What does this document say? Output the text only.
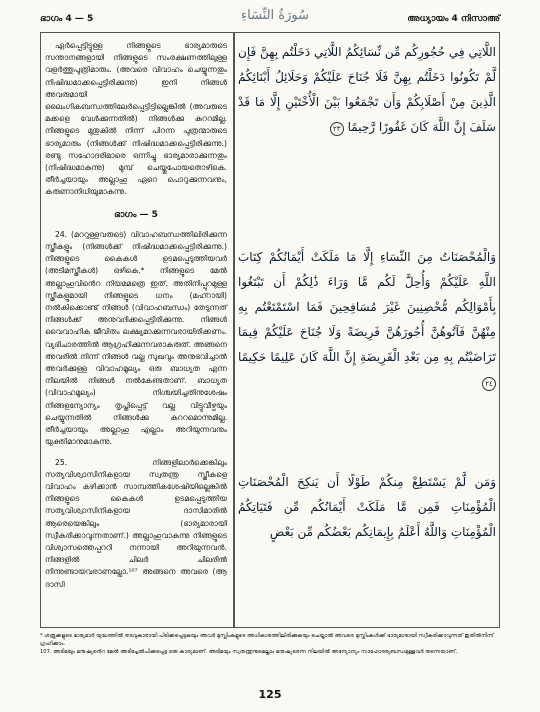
ഭാഗം 4 — 5	سُورَةُ النِّسَاءِ	അധ്യായം 4 നിസാഅ്

ഏർപ്പെട്ടിട്ടുള്ള നിങ്ങളുടെ ഭാര്യമാരുടെ സന്താനങ്ങളായി നിങ്ങളുടെ സംരക്ഷണത്തിലുള്ള വളർത്തുപുത്രിമാരും. (അവരെ വിവാഹം ചെയ്യുന്നതും നിഷിദ്ധമാക്കപ്പെട്ടിരിക്കുന്നു) ഇനി നിങ്ങൾ അവരുമായി ലൈംഗികബന്ധത്തിലേർപ്പെട്ടിട്ടില്ലെങ്കിൽ (അവരുടെ മക്കളെ വേൾക്കുന്നതിൽ) നിങ്ങൾക്കു കുററമില്ല. നിങ്ങളുടെ മുതുകിൽ നിന്ന് പിറന്ന പുത്രന്മാരുടെ ഭാര്യമാരും (നിങ്ങൾക്ക് നിഷിദ്ധമാക്കപ്പെട്ടിരിക്കുന്നു.) രണ്ടു സഹോദരിമാരെ ഒന്നിച്ചു ഭാര്യമാരാക്കുന്നതും (നിഷിദ്ധമാകുന്നു) മുമ്പ് ചെയ്തുപോയതൊഴികെ. തീർച്ചയായും അല്ലാഹു ഏറെ പൊറുക്കുന്നവനും, കരുണാനിധിയുമാകുന്നു.

ഭാഗം — 5

24. (മററുള്ളവരുടെ) വിവാഹബന്ധത്തിലിരിക്കുന്ന സ്ത്രീകളും (നിങ്ങൾക്ക് നിഷിദ്ധമാക്കപ്പെട്ടിരിക്കുന്നു.) നിങ്ങളുടെ കൈകൾ ഉടമപ്പെടുത്തിയവർ (അടിമസ്ത്രീകൾ) ഒഴികെ.* നിങ്ങളുടെ മേൽ അല്ലാഹുവിൻെറ നിയമമത്രെ ഇത്. അതിനിപ്പുറമുള്ള സ്ത്രീകളുമായി നിങ്ങളുടെ ധനം (മഹ്റായി) നൽകിക്കൊണ്ട് നിങ്ങൾ (വിവാഹബന്ധം) തേടുന്നത് നിങ്ങൾക്ക് അനുവദിക്കപ്പെട്ടിരിക്കുന്നു. നിങ്ങൾ വൈവാഹിക ജീവിതം ലക്ഷ്യമാക്കുന്നവരായിരിക്കണം. വ്യഭിചാരത്തിൽ ആഗ്രഹിക്കുന്നവരാകരുത്. അങ്ങനെ അവരിൽ നിന്ന് നിങ്ങൾ വല്ല സുഖവും അനുഭവിച്ചാൽ അവർക്കുള്ള വിവാഹമൂല്യം ഒരു ബാധ്യത എന്ന നിലയിൽ നിങ്ങൾ നൽകേണ്ടതാണ്. ബാധ്യത (വിവാഹമൂല്യം) നിശ്ചയിച്ചതിനുശേഷം നിങ്ങളന്യോന്യം തൃപ്തിപ്പെട്ട് വല്ല വിട്ടുവീഴ്ചയും ചെയ്യുന്നതിൽ നിങ്ങൾക്കു കുററമൊന്നുമില്ല. തീർച്ചയായും അല്ലാഹു എല്ലാം അറിയുന്നവനും യുക്തിമാനുമാകുന്നു.

25. നിങ്ങളിലാർക്കെങ്കിലും സത്യവിശ്വാസിനികളായ സ്വതന്ത്ര സ്ത്രീകളെ വിവാഹം കഴിക്കാൻ സാമ്പത്തികശേഷിയില്ലെങ്കിൽ നിങ്ങളുടെ കൈകൾ ഉടമപ്പെടുത്തിയ സത്യവിശ്വാസിനികളായ ദാസിമാരിൽ ആരെയെങ്കിലും (ഭാര്യമാരായി സ്വീകരിക്കാവുന്നതാണ്.) അല്ലാഹുവാകുന്നു നിങ്ങളുടെ വിശ്വാസത്തെപ്പററി നന്നായി അറിയുന്നവൻ. നിങ്ങളിൽ ചിലർ ചിലരിൽ നിന്നുണ്ടായവരാണല്ലോ.¹⁰⁷ അങ്ങനെ അവരെ (ആ ദാസി

اللَّاتِي فِي حُجُورِكُم مِّن نِّسَائِكُمُ اللَّاتِي دَخَلْتُم بِهِنَّ فَإِن لَّمْ تَكُونُوا دَخَلْتُم بِهِنَّ فَلَا جُنَاحَ عَلَيْكُمْ وَحَلَائِلُ أَبْنَائِكُمُ الَّذِينَ مِنْ أَصْلَابِكُمْ وَأَن تَجْمَعُوا بَيْنَ الْأُخْتَيْنِ إِلَّا مَا قَدْ سَلَفَ إِنَّ اللَّهَ كَانَ غَفُورًا رَّحِيمًا ٢٣
وَالْمُحْصَنَاتُ مِنَ النِّسَاءِ إِلَّا مَا مَلَكَتْ أَيْمَانُكُمْ كِتَابَ اللَّهِ عَلَيْكُمْ وَأُحِلَّ لَكُم مَّا وَرَاءَ ذَٰلِكُمْ أَن تَبْتَغُوا بِأَمْوَالِكُم مُّحْصِنِينَ غَيْرَ مُسَافِحِينَ فَمَا اسْتَمْتَعْتُم بِهِ مِنْهُنَّ فَآتُوهُنَّ أُجُورَهُنَّ فَرِيضَةً وَلَا جُنَاحَ عَلَيْكُمْ فِيمَا تَرَاضَيْتُم بِهِ مِن بَعْدِ الْفَرِيضَةِ إِنَّ اللَّهَ كَانَ عَلِيمًا حَكِيمًا ٢٤
وَمَن لَّمْ يَسْتَطِعْ مِنكُمْ طَوْلًا أَن يَنكِحَ الْمُحْصَنَاتِ الْمُؤْمِنَاتِ فَمِن مَّا مَلَكَتْ أَيْمَانُكُم مِّن فَتَيَاتِكُمُ الْمُؤْمِنَاتِ وَاللَّهُ أَعْلَمُ بِإِيمَانِكُم بَعْضُكُم مِّن بَعْضٍ

* ശത്രുക്കളുടെ ഭാര്യമാർ യുദ്ധത്തിൽ തടവുകാരായി പിടിക്കപ്പെടുകയും അവർ മുസ്ലിംകളുടെ അധികാരത്തിലിരിക്കുകയും ചെയ്താൽ അവരെ മുസ്ലിംകൾക്ക് ഭാര്യമാരായി സ്വീകരിക്കാവുന്നത് ഇതിൽനിന്ന് ഗ്രഹിക്കാം.

107. അടിമയും മനുഷ്യൻെറ മേൽ അടിച്ചേൽപിക്കപ്പെട്ട ഒരു കാര്യമാണ്. അടിമയും സ്വതന്ത്രനുമെല്ലാം മനുഷ്യരെന്ന നിലയിൽ അന്യോന്യം സാഹോദര്യബന്ധമുള്ളവർ തന്നെയാണ്.

125
